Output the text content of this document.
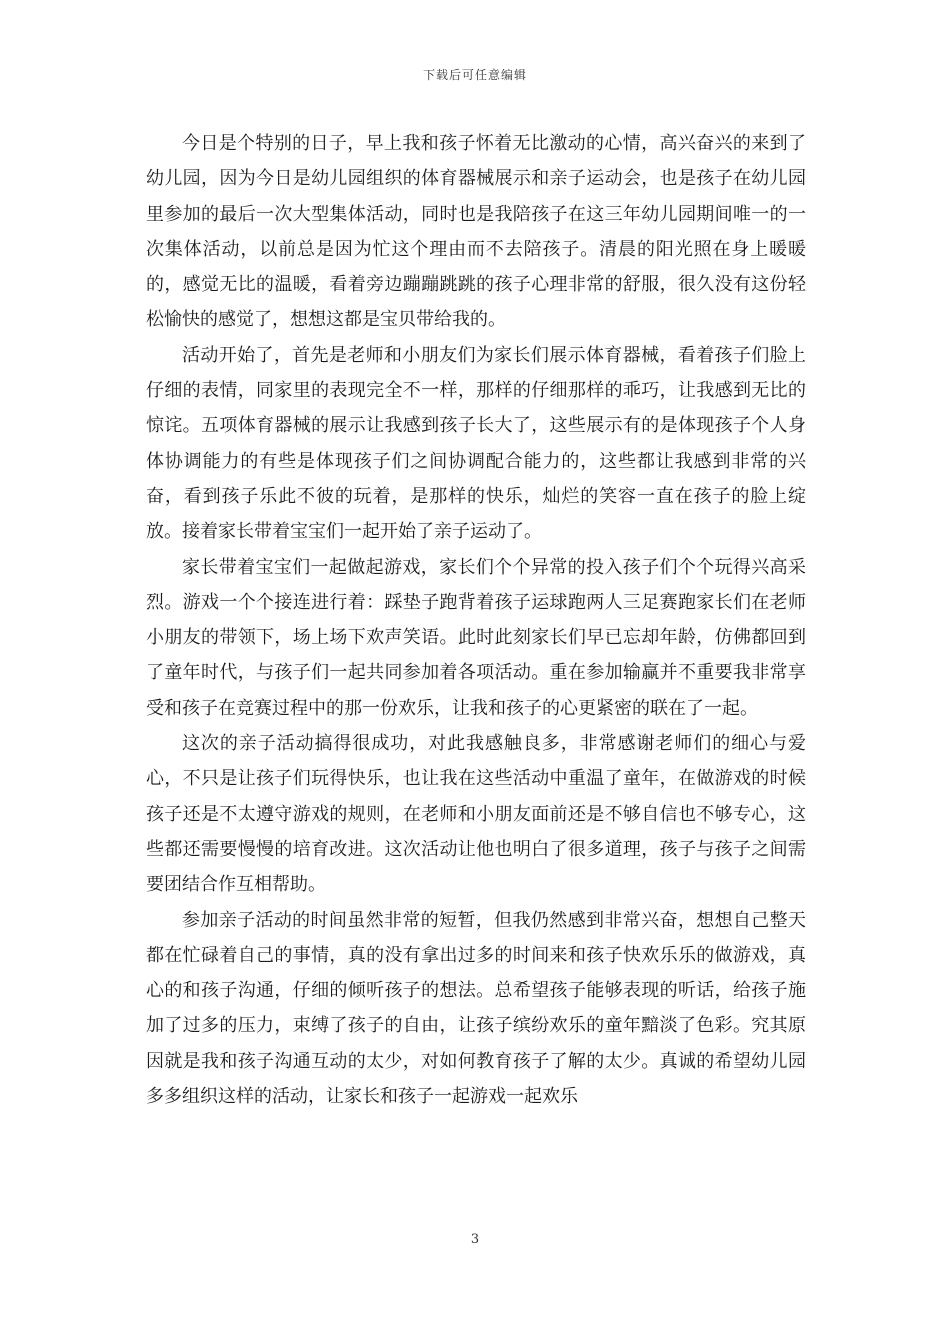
下载后可任意编辑

今日是个特别的日子，早上我和孩子怀着无比激动的心情，高兴奋兴的来到了幼儿园，因为今日是幼儿园组织的体育器械展示和亲子运动会，也是孩子在幼儿园里参加的最后一次大型集体活动，同时也是我陪孩子在这三年幼儿园期间唯一的一次集体活动，以前总是因为忙这个理由而不去陪孩子。清晨的阳光照在身上暖暖的，感觉无比的温暖，看着旁边蹦蹦跳跳的孩子心理非常的舒服，很久没有这份轻松愉快的感觉了，想想这都是宝贝带给我的。

活动开始了，首先是老师和小朋友们为家长们展示体育器械，看着孩子们脸上仔细的表情，同家里的表现完全不一样，那样的仔细那样的乖巧，让我感到无比的惊诧。五项体育器械的展示让我感到孩子长大了，这些展示有的是体现孩子个人身体协调能力的有些是体现孩子们之间协调配合能力的，这些都让我感到非常的兴奋，看到孩子乐此不彼的玩着，是那样的快乐，灿烂的笑容一直在孩子的脸上绽放。接着家长带着宝宝们一起开始了亲子运动了。

家长带着宝宝们一起做起游戏，家长们个个异常的投入孩子们个个玩得兴高采烈。游戏一个个接连进行着：踩垫子跑背着孩子运球跑两人三足赛跑家长们在老师小朋友的带领下，场上场下欢声笑语。此时此刻家长们早已忘却年龄，仿佛都回到了童年时代，与孩子们一起共同参加着各项活动。重在参加输赢并不重要我非常享受和孩子在竞赛过程中的那一份欢乐，让我和孩子的心更紧密的联在了一起。

这次的亲子活动搞得很成功，对此我感触良多，非常感谢老师们的细心与爱心，不只是让孩子们玩得快乐，也让我在这些活动中重温了童年，在做游戏的时候孩子还是不太遵守游戏的规则，在老师和小朋友面前还是不够自信也不够专心，这些都还需要慢慢的培育改进。这次活动让他也明白了很多道理，孩子与孩子之间需要团结合作互相帮助。

参加亲子活动的时间虽然非常的短暂，但我仍然感到非常兴奋，想想自己整天都在忙碌着自己的事情，真的没有拿出过多的时间来和孩子快欢乐乐的做游戏，真心的和孩子沟通，仔细的倾听孩子的想法。总希望孩子能够表现的听话，给孩子施加了过多的压力，束缚了孩子的自由，让孩子缤纷欢乐的童年黯淡了色彩。究其原因就是我和孩子沟通互动的太少，对如何教育孩子了解的太少。真诚的希望幼儿园多多组织这样的活动，让家长和孩子一起游戏一起欢乐

3
